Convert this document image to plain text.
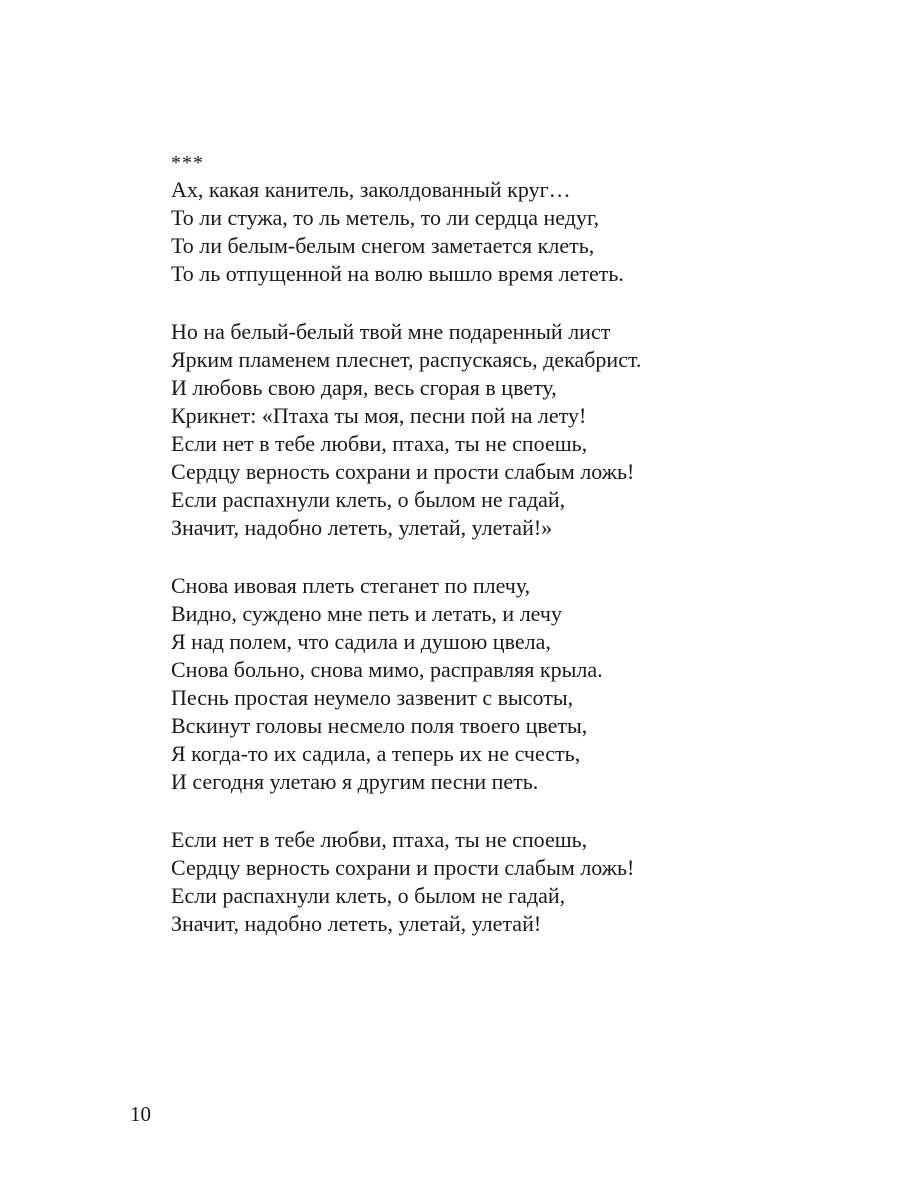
***
Ах, какая канитель, заколдованный круг…
То ли стужа, то ль метель, то ли сердца недуг,
То ли белым-белым снегом заметается клеть,
То ль отпущенной на волю вышло время лететь.
Но на белый-белый твой мне подаренный лист
Ярким пламенем плеснет, распускаясь, декабрист.
И любовь свою даря, весь сгорая в цвету,
Крикнет: «Птаха ты моя, песни пой на лету!
Если нет в тебе любви, птаха, ты не споешь,
Сердцу верность сохрани и прости слабым ложь!
Если распахнули клеть, о былом не гадай,
Значит, надобно лететь, улетай, улетай!»
Снова ивовая плеть стеганет по плечу,
Видно, суждено мне петь и летать, и лечу
Я над полем, что садила и душою цвела,
Снова больно, снова мимо, расправляя крыла.
Песнь простая неумело зазвенит с высоты,
Вскинут головы несмело поля твоего цветы,
Я когда-то их садила, а теперь их не счесть,
И сегодня улетаю я другим песни петь.
Если нет в тебе любви, птаха, ты не споешь,
Сердцу верность сохрани и прости слабым ложь!
Если распахнули клеть, о былом не гадай,
Значит, надобно лететь, улетай, улетай!
10
